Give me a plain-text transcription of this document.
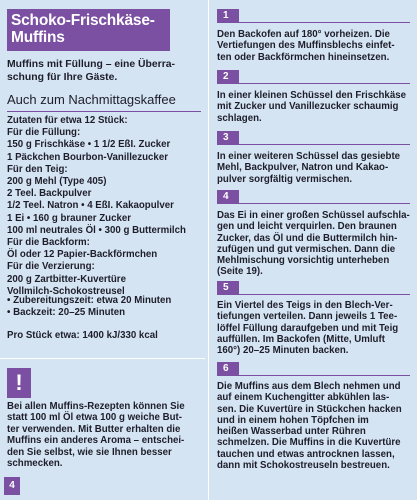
Schoko-Frischkäse-
Muffins
Muffins mit Füllung – eine Überra-
schung für Ihre Gäste.
Auch zum Nachmittagskaffee
Zutaten für etwa 12 Stück:
Für die Füllung:
150 g Frischkäse • 1 1/2 EßI. Zucker
1 Päckchen Bourbon-Vanillezucker
Für den Teig:
200 g Mehl (Type 405)
2 Teel. Backpulver
1/2 Teel. Natron • 4 EßI. Kakaopulver
1 Ei • 160 g brauner Zucker
100 ml neutrales Öl • 300 g Buttermilch
Für die Backform:
Öl oder 12 Papier-Backförmchen
Für die Verzierung:
200 g Zartbitter-Kuvertüre
Vollmilch-Schokostreusel
• Zubereitungszeit: etwa 20 Minuten
• Backzeit: 20–25 Minuten
Pro Stück etwa: 1400 kJ/330 kcal
!
Bei allen Muffins-Rezepten können Sie
statt 100 ml Öl etwa 100 g weiche But-
ter verwenden. Mit Butter erhalten die
Muffins ein anderes Aroma – entschei-
den Sie selbst, wie sie Ihnen besser
schmecken.
4
1
Den Backofen auf 180° vorheizen. Die
Vertiefungen des Muffinsblechs einfet-
ten oder Backförmchen hineinsetzen.
2
In einer kleinen Schüssel den Frischkäse
mit Zucker und Vanillezucker schaumig
schlagen.
3
In einer weiteren Schüssel das gesiebte
Mehl, Backpulver, Natron und Kakao-
pulver sorgfältig vermischen.
4
Das Ei in einer großen Schüssel aufschla-
gen und leicht verquirlen. Den braunen
Zucker, das Öl und die Buttermilch hin-
zufügen und gut vermischen. Dann die
Mehlmischung vorsichtig unterheben
(Seite 19).
5
Ein Viertel des Teigs in den Blech-Ver-
tiefungen verteilen. Dann jeweils 1 Tee-
löffel Füllung daraufgeben und mit Teig
auffüllen. Im Backofen (Mitte, Umluft
160°) 20–25 Minuten backen.
6
Die Muffins aus dem Blech nehmen und
auf einem Kuchengitter abkühlen las-
sen. Die Kuvertüre in Stückchen hacken
und in einem hohen Töpfchen im
heißen Wasserbad unter Rühren
schmelzen. Die Muffins in die Kuvertüre
tauchen und etwas antrocknen lassen,
dann mit Schokostreuseln bestreuen.
